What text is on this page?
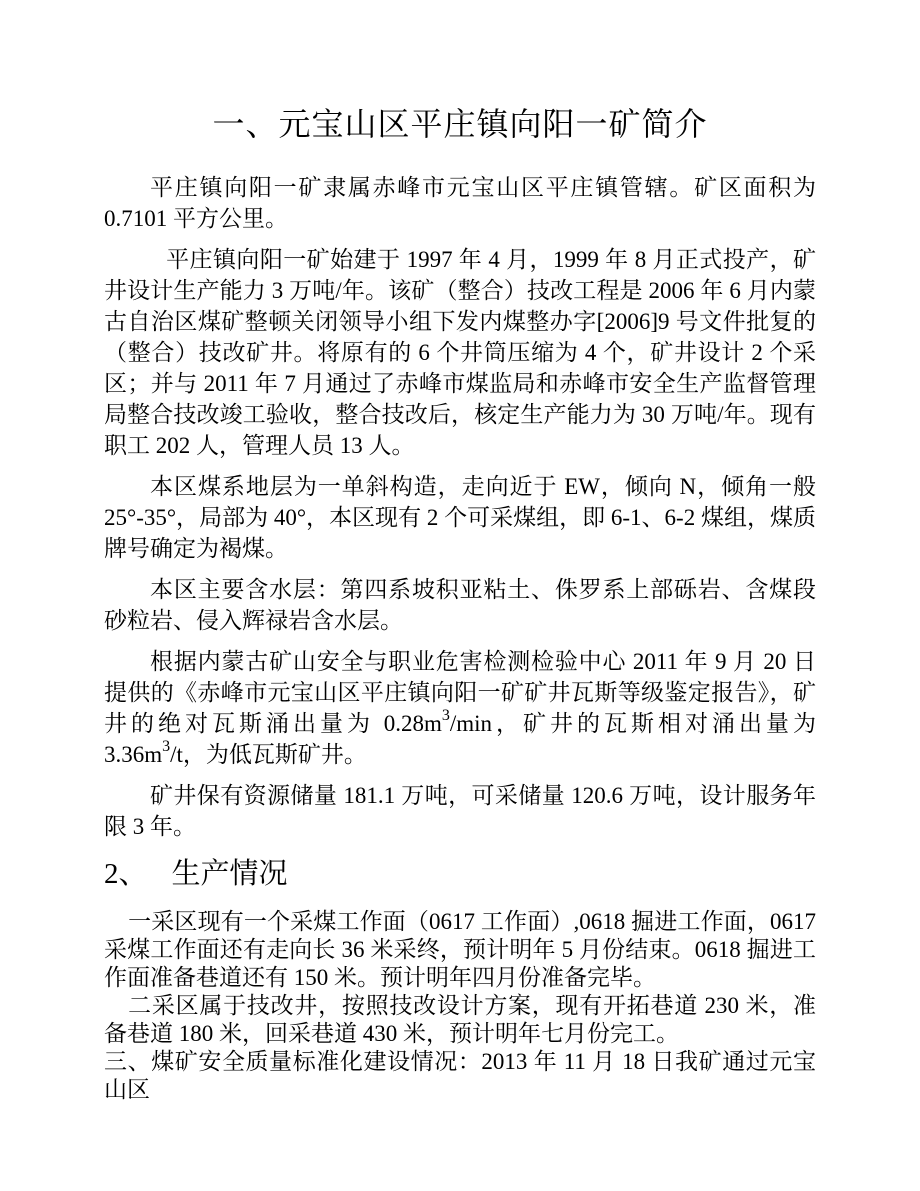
一、元宝山区平庄镇向阳一矿简介

平庄镇向阳一矿隶属赤峰市元宝山区平庄镇管辖。矿区面积为 0.7101 平方公里。

平庄镇向阳一矿始建于 1997 年 4 月，1999 年 8 月正式投产，矿井设计生产能力 3 万吨/年。该矿（整合）技改工程是 2006 年 6 月内蒙古自治区煤矿整顿关闭领导小组下发内煤整办字[2006]9 号文件批复的（整合）技改矿井。将原有的 6 个井筒压缩为 4 个，矿井设计 2 个采区；并与 2011 年 7 月通过了赤峰市煤监局和赤峰市安全生产监督管理局整合技改竣工验收，整合技改后，核定生产能力为 30 万吨/年。现有职工 202 人，管理人员 13 人。

本区煤系地层为一单斜构造，走向近于 EW，倾向 N，倾角一般 25°-35°，局部为 40°，本区现有 2 个可采煤组，即 6-1、6-2 煤组，煤质牌号确定为褐煤。

本区主要含水层：第四系坡积亚粘土、侏罗系上部砾岩、含煤段砂粒岩、侵入辉禄岩含水层。

根据内蒙古矿山安全与职业危害检测检验中心 2011 年 9 月 20 日提供的《赤峰市元宝山区平庄镇向阳一矿矿井瓦斯等级鉴定报告》，矿井的绝对瓦斯涌出量为 $0.28m^3/\min$，矿井的瓦斯相对涌出量为 $3.36m^3/t$，为低瓦斯矿井。

矿井保有资源储量 181.1 万吨，可采储量 120.6 万吨，设计服务年限 3 年。

2、 生产情况

一采区现有一个采煤工作面（0617 工作面）,0618 掘进工作面，0617 采煤工作面还有走向长 36 米采终，预计明年 5 月份结束。0618 掘进工作面准备巷道还有 150 米。预计明年四月份准备完毕。

二采区属于技改井，按照技改设计方案，现有开拓巷道 230 米，准备巷道 180 米，回采巷道 430 米，预计明年七月份完工。

三、煤矿安全质量标准化建设情况：2013 年 11 月 18 日我矿通过元宝山区
